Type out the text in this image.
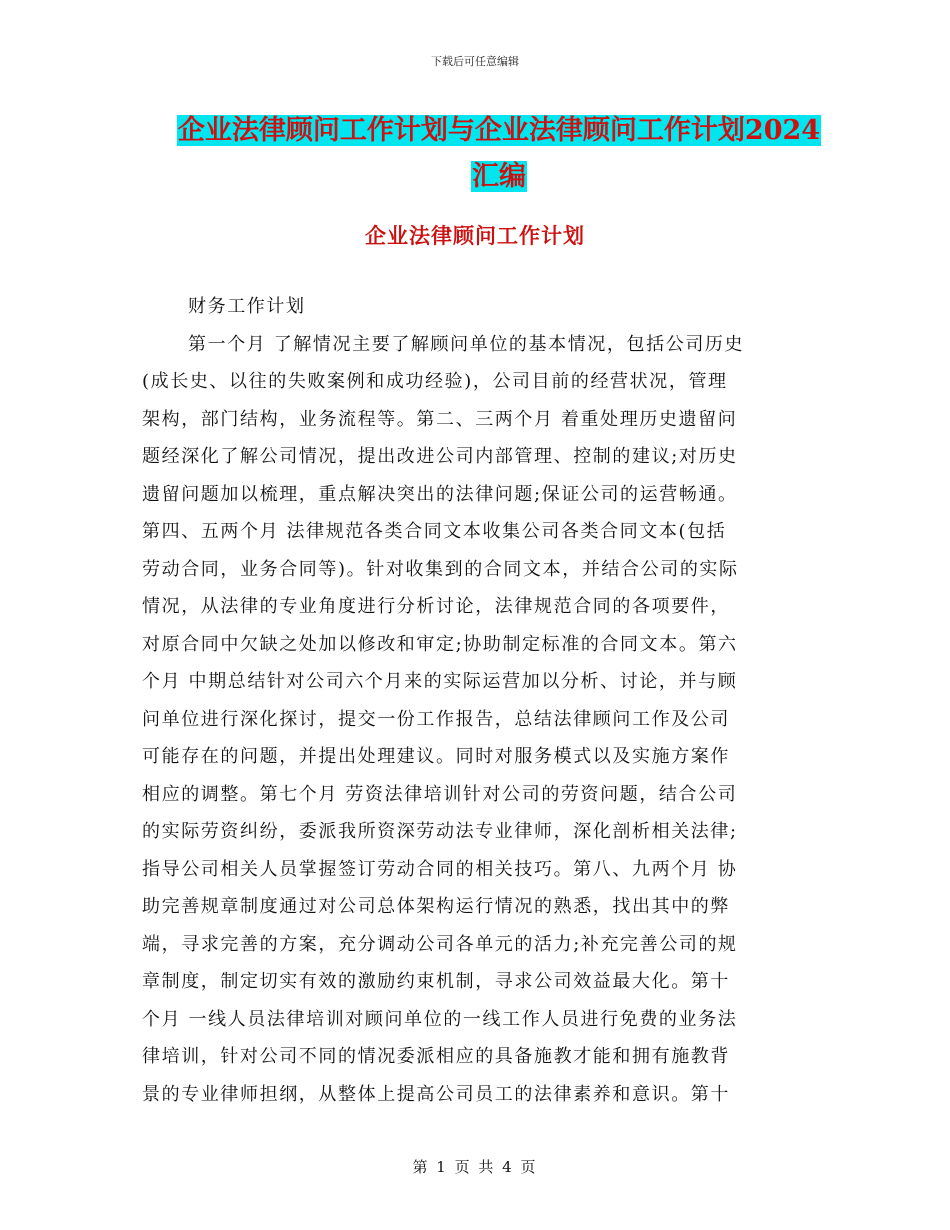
下载后可任意编辑
企业法律顾问工作计划与企业法律顾问工作计划2024
汇编
企业法律顾问工作计划
财务工作计划
第一个月 了解情况主要了解顾问单位的基本情况，包括公司历史
(成长史、以往的失败案例和成功经验)，公司目前的经营状况，管理
架构，部门结构，业务流程等。第二、三两个月 着重处理历史遗留问
题经深化了解公司情况，提出改进公司内部管理、控制的建议;对历史
遗留问题加以梳理，重点解决突出的法律问题;保证公司的运营畅通。
第四、五两个月 法律规范各类合同文本收集公司各类合同文本(包括
劳动合同，业务合同等)。针对收集到的合同文本，并结合公司的实际
情况，从法律的专业角度进行分析讨论，法律规范合同的各项要件，
对原合同中欠缺之处加以修改和审定;协助制定标准的合同文本。第六
个月 中期总结针对公司六个月来的实际运营加以分析、讨论，并与顾
问单位进行深化探讨，提交一份工作报告，总结法律顾问工作及公司
可能存在的问题，并提出处理建议。同时对服务模式以及实施方案作
相应的调整。第七个月 劳资法律培训针对公司的劳资问题，结合公司
的实际劳资纠纷，委派我所资深劳动法专业律师，深化剖析相关法律;
指导公司相关人员掌握签订劳动合同的相关技巧。第八、九两个月 协
助完善规章制度通过对公司总体架构运行情况的熟悉，找出其中的弊
端，寻求完善的方案，充分调动公司各单元的活力;补充完善公司的规
章制度，制定切实有效的激励约束机制，寻求公司效益最大化。第十
个月 一线人员法律培训对顾问单位的一线工作人员进行免费的业务法
律培训，针对公司不同的情况委派相应的具备施教才能和拥有施教背
景的专业律师担纲，从整体上提高公司员工的法律素养和意识。第十
第 1 页 共 4 页
